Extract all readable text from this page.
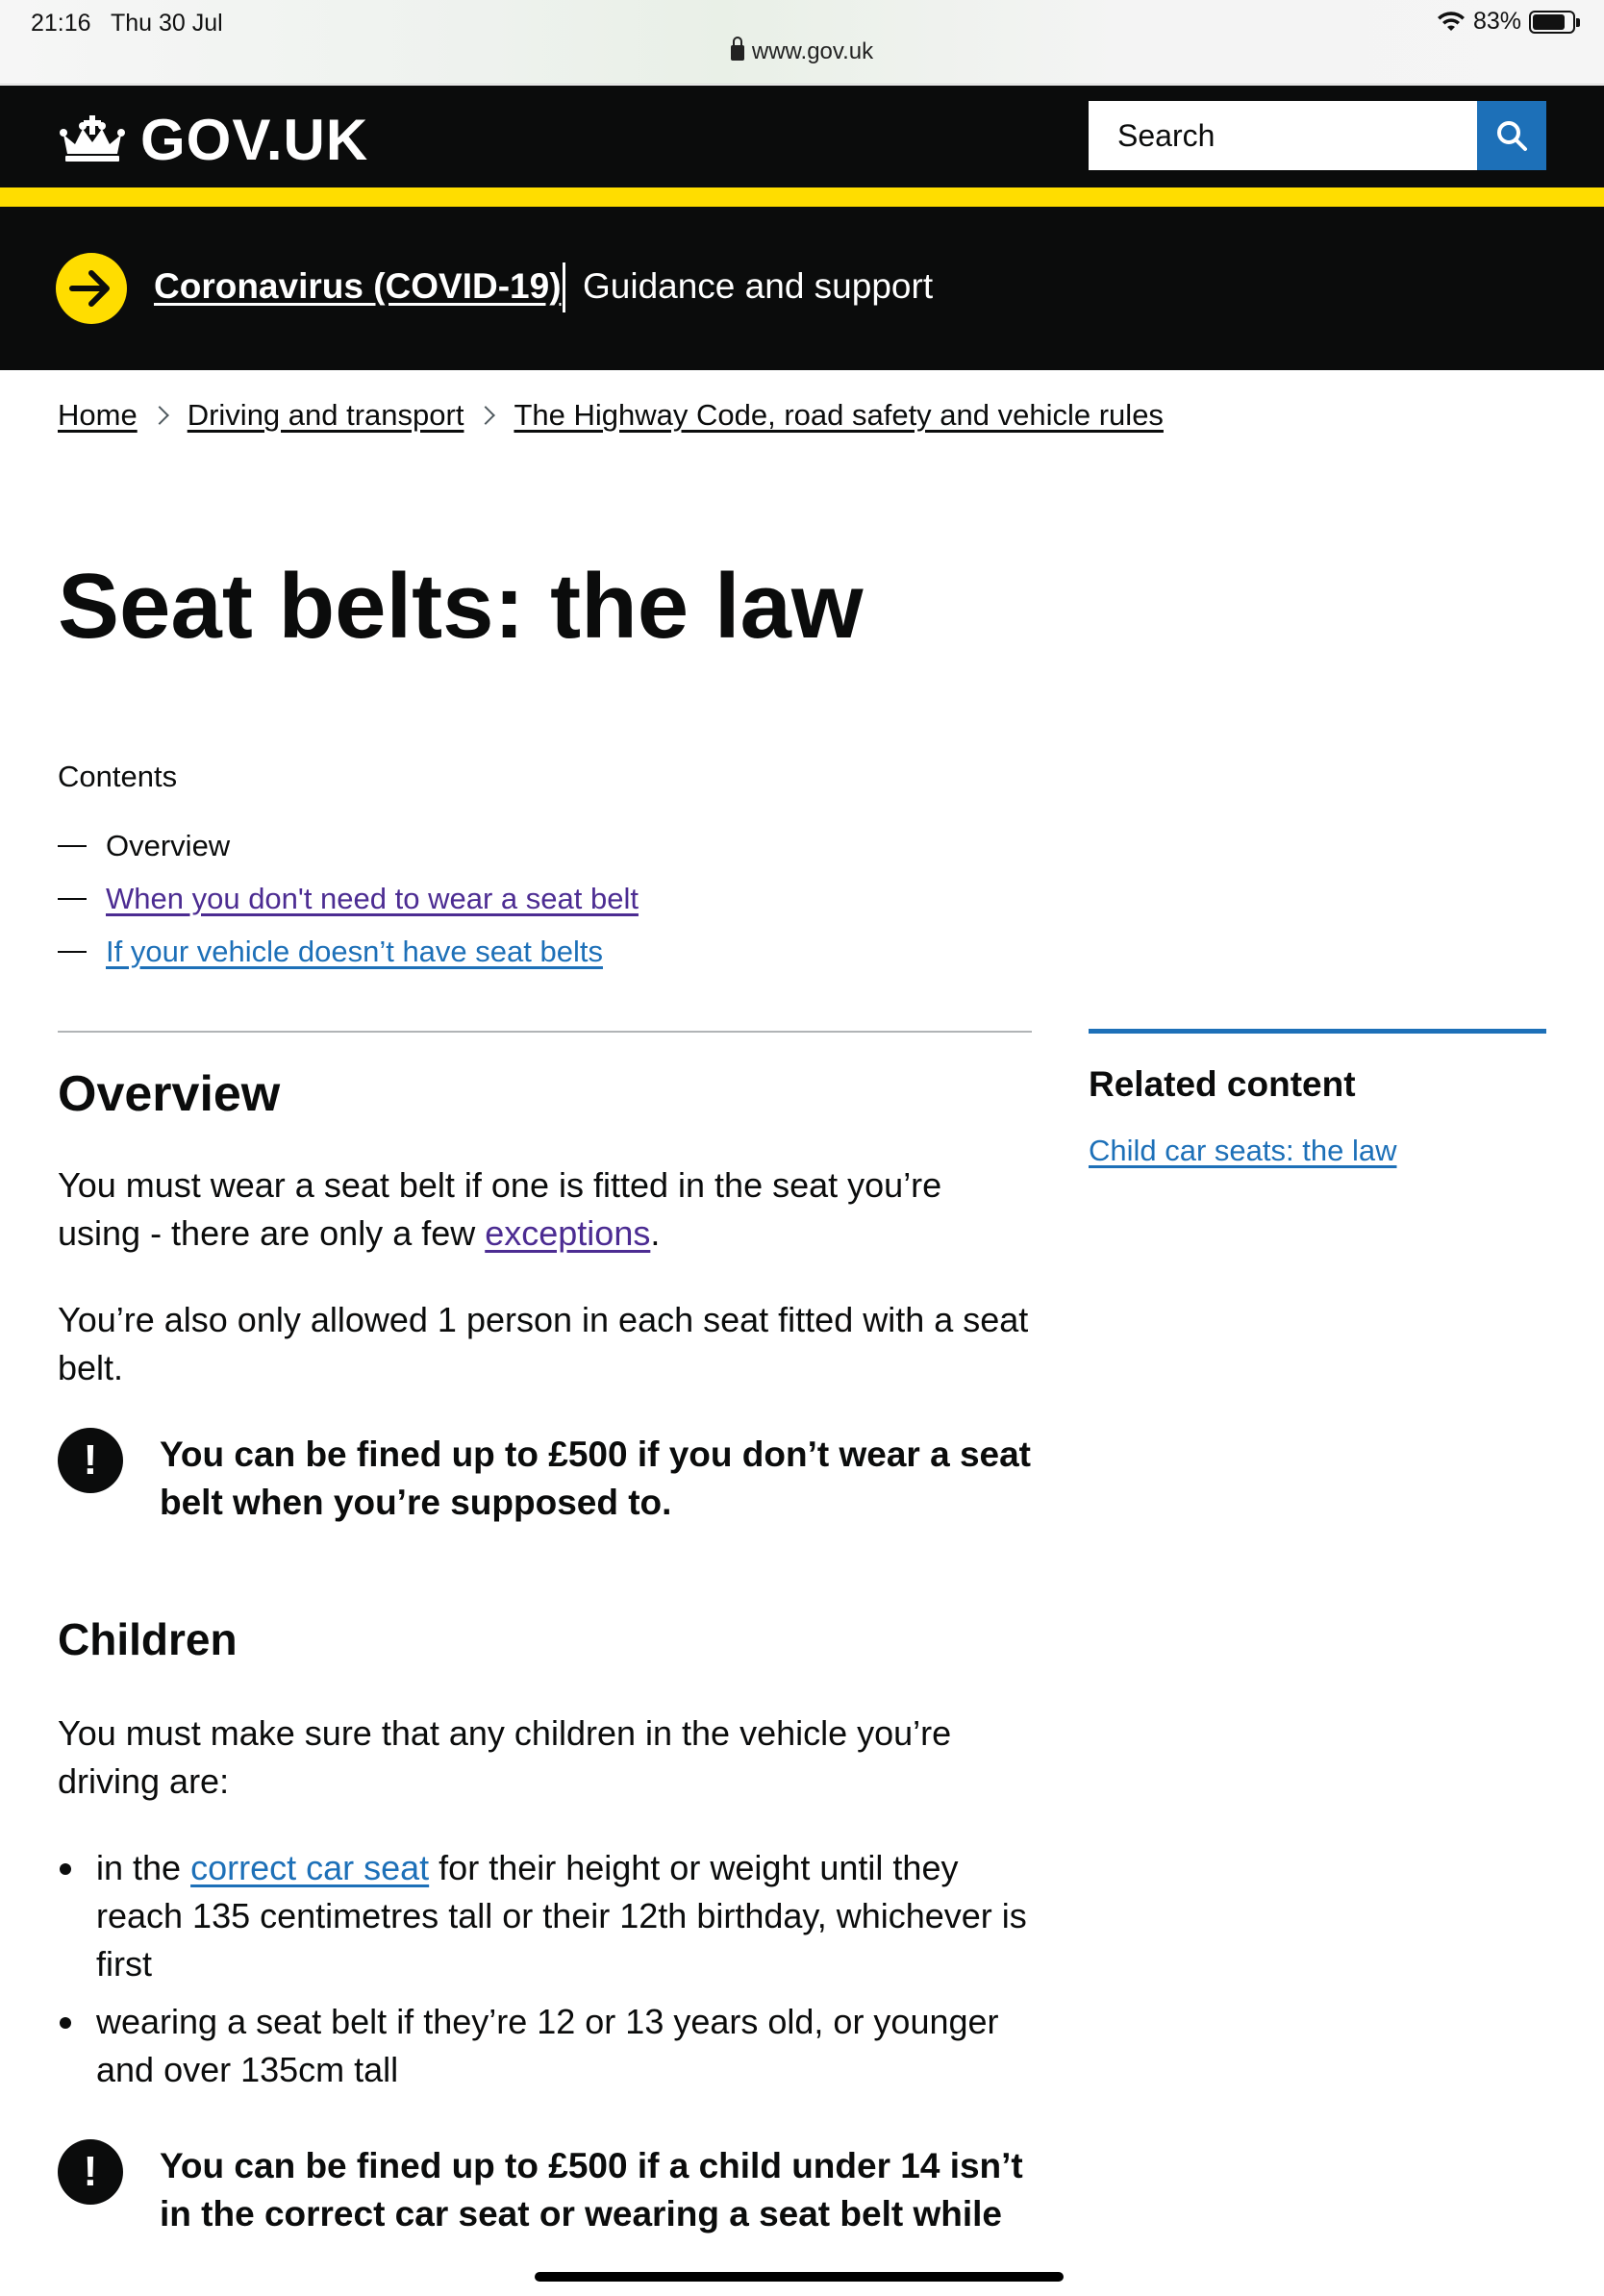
21:16 Thu 30 Jul	83%
www.gov.uk
GOV.UK
Search
Coronavirus (COVID-19) Guidance and support
Home Driving and transport The Highway Code, road safety and vehicle rules
Seat belts: the law
Contents
Overview
When you don't need to wear a seat belt
If your vehicle doesn’t have seat belts
Overview

You must wear a seat belt if one is fitted in the seat you’re using - there are only a few exceptions.

You’re also only allowed 1 person in each seat fitted with a seat belt.

!	You can be fined up to £500 if you don’t wear a seat belt when you’re supposed to.
Children

You must make sure that any children in the vehicle you’re driving are:

in the correct car seat for their height or weight until they reach 135 centimetres tall or their 12th birthday, whichever is first
wearing a seat belt if they’re 12 or 13 years old, or younger and over 135cm tall
!	You can be fined up to £500 if a child under 14 isn’t in the correct car seat or wearing a seat belt while
Related content
Child car seats: the law
